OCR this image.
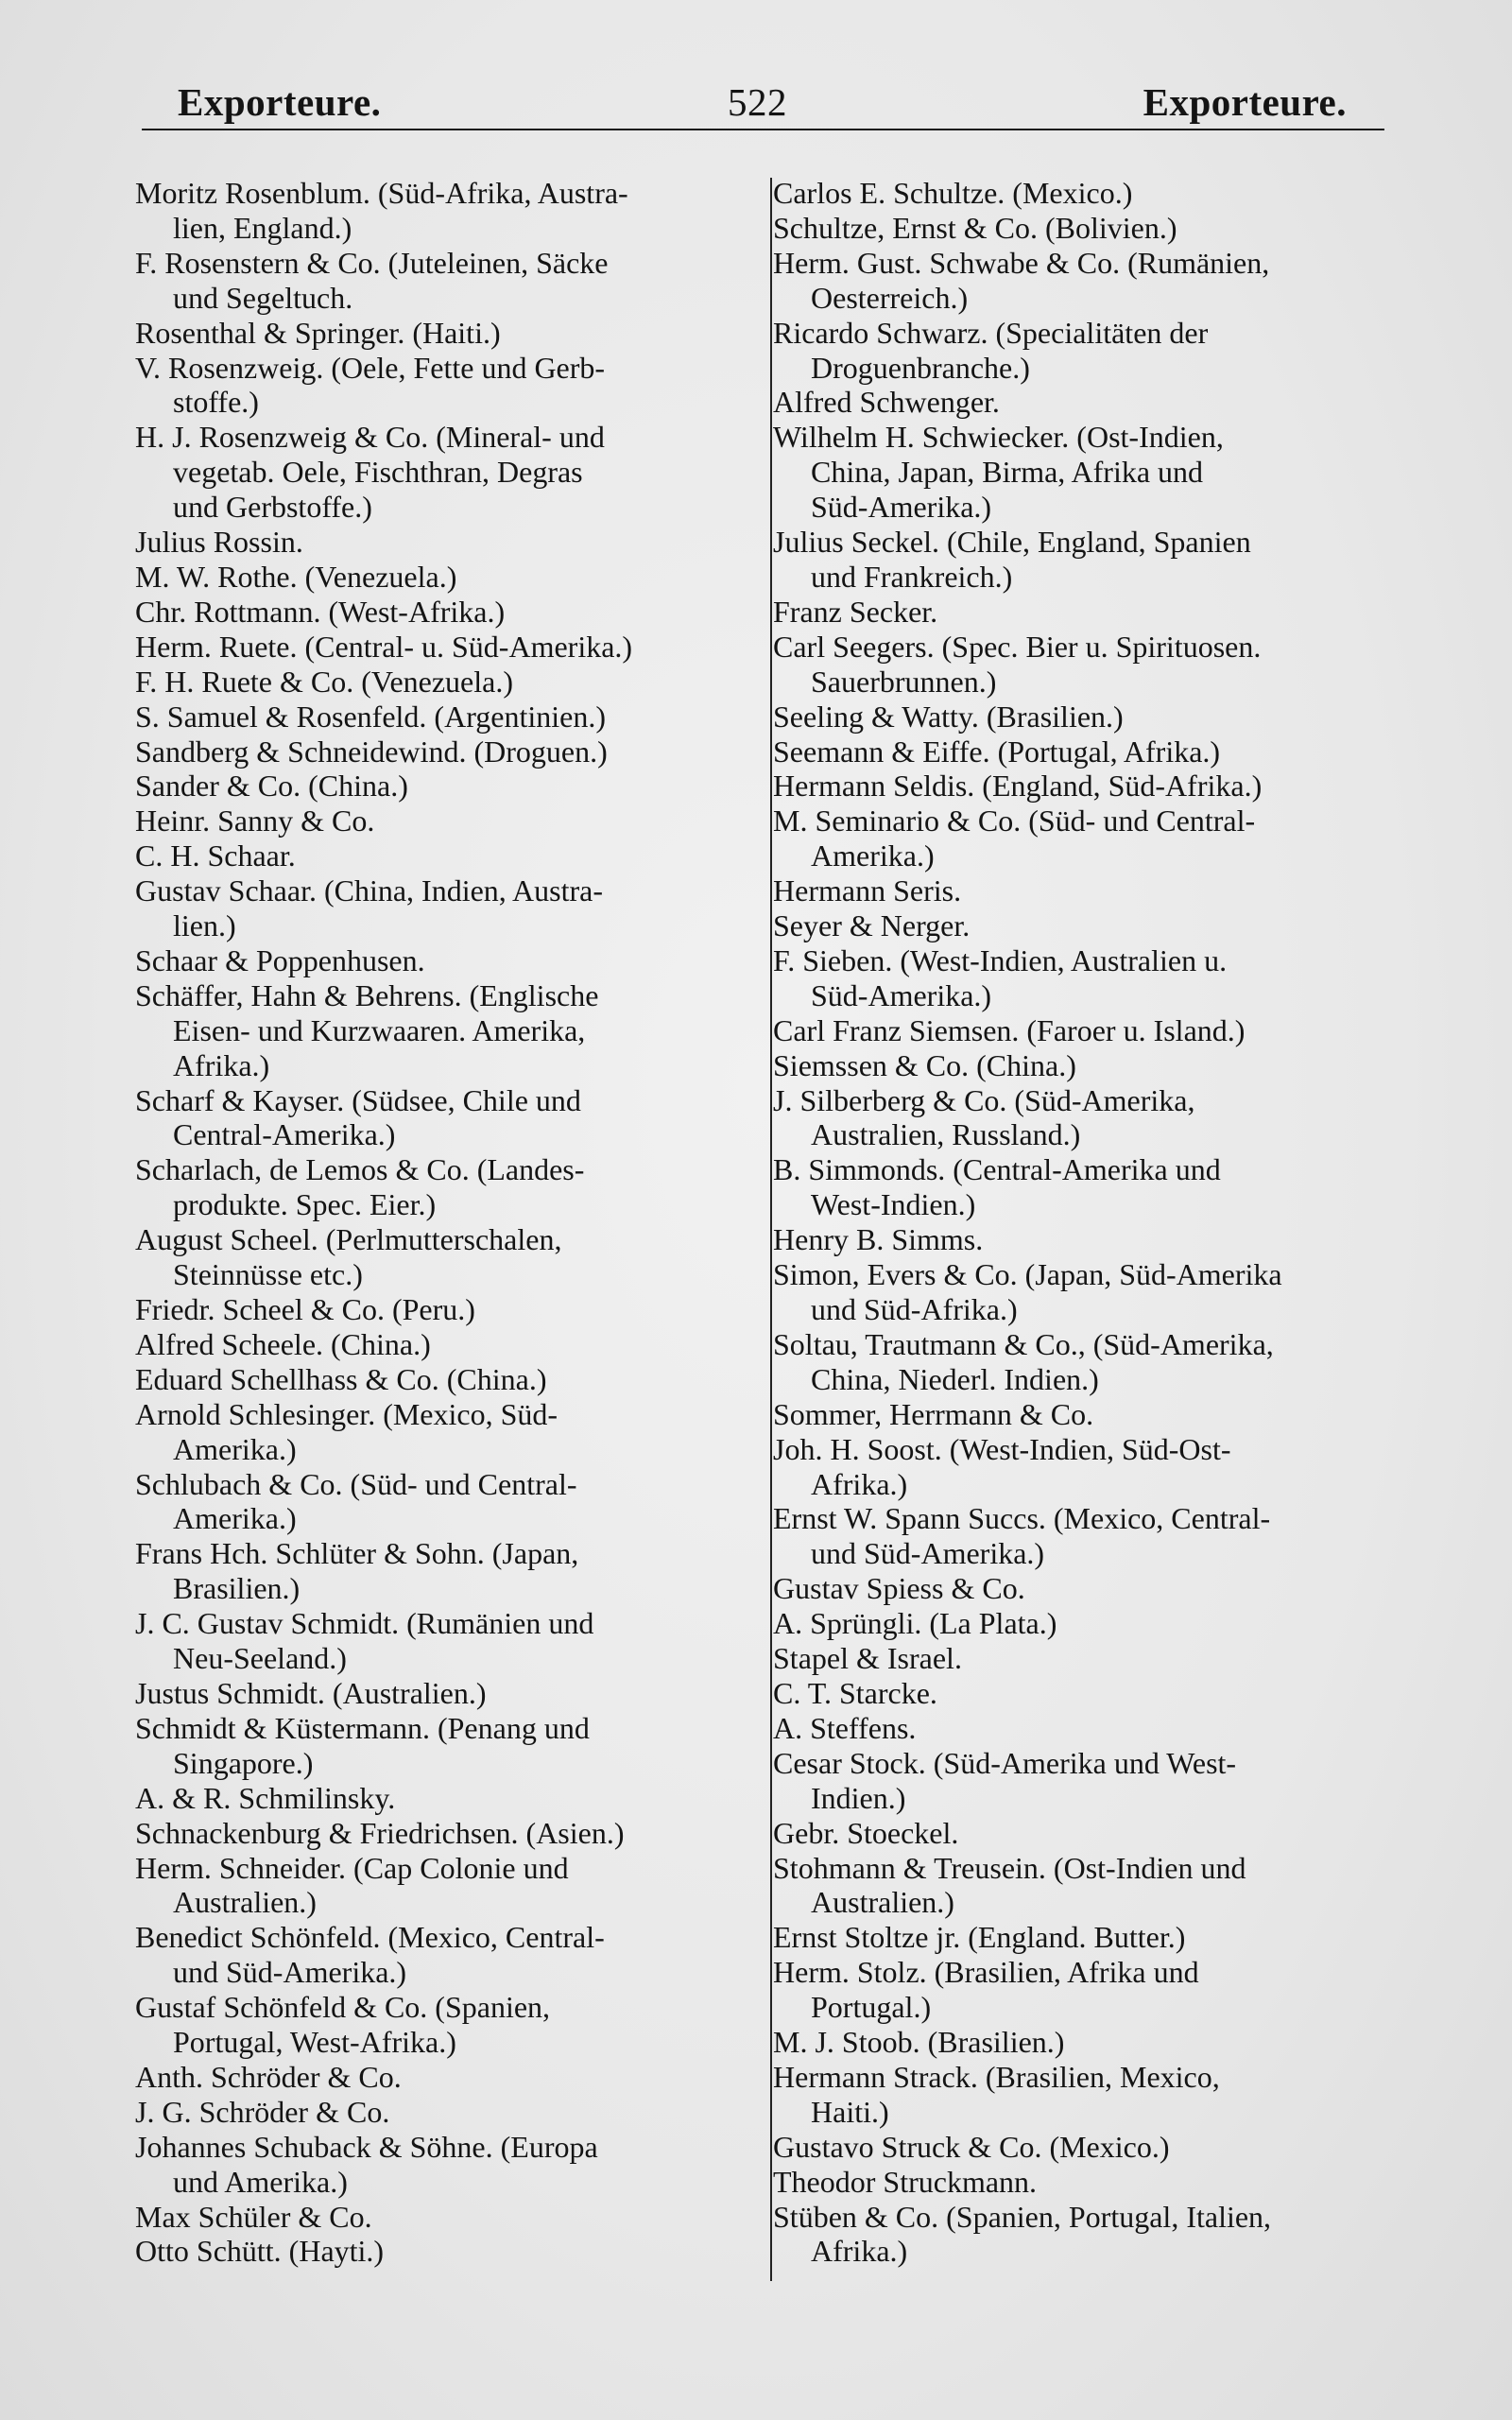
Exporteure.	522	Exporteure.
Moritz Rosenblum. (Süd-Afrika, Austra-
lien, England.)
F. Rosenstern & Co. (Juteleinen, Säcke
und Segeltuch.
Rosenthal & Springer. (Haiti.)
V. Rosenzweig. (Oele, Fette und Gerb-
stoffe.)
H. J. Rosenzweig & Co. (Mineral- und
vegetab. Oele, Fischthran, Degras
und Gerbstoffe.)
Julius Rossin.
M. W. Rothe. (Venezuela.)
Chr. Rottmann. (West-Afrika.)
Herm. Ruete. (Central- u. Süd-Amerika.)
F. H. Ruete & Co. (Venezuela.)
S. Samuel & Rosenfeld. (Argentinien.)
Sandberg & Schneidewind. (Droguen.)
Sander & Co. (China.)
Heinr. Sanny & Co.
C. H. Schaar.
Gustav Schaar. (China, Indien, Austra-
lien.)
Schaar & Poppenhusen.
Schäffer, Hahn & Behrens. (Englische
Eisen- und Kurzwaaren. Amerika,
Afrika.)
Scharf & Kayser. (Südsee, Chile und
Central-Amerika.)
Scharlach, de Lemos & Co. (Landes-
produkte. Spec. Eier.)
August Scheel. (Perlmutterschalen,
Steinnüsse etc.)
Friedr. Scheel & Co. (Peru.)
Alfred Scheele. (China.)
Eduard Schellhass & Co. (China.)
Arnold Schlesinger. (Mexico, Süd-
Amerika.)
Schlubach & Co. (Süd- und Central-
Amerika.)
Frans Hch. Schlüter & Sohn. (Japan,
Brasilien.)
J. C. Gustav Schmidt. (Rumänien und
Neu-Seeland.)
Justus Schmidt. (Australien.)
Schmidt & Küstermann. (Penang und
Singapore.)
A. & R. Schmilinsky.
Schnackenburg & Friedrichsen. (Asien.)
Herm. Schneider. (Cap Colonie und
Australien.)
Benedict Schönfeld. (Mexico, Central-
und Süd-Amerika.)
Gustaf Schönfeld & Co. (Spanien,
Portugal, West-Afrika.)
Anth. Schröder & Co.
J. G. Schröder & Co.
Johannes Schuback & Söhne. (Europa
und Amerika.)
Max Schüler & Co.
Otto Schütt. (Hayti.)
Carlos E. Schultze. (Mexico.)
Schultze, Ernst & Co. (Bolivien.)
Herm. Gust. Schwabe & Co. (Rumänien,
Oesterreich.)
Ricardo Schwarz. (Specialitäten der
Droguenbranche.)
Alfred Schwenger.
Wilhelm H. Schwiecker. (Ost-Indien,
China, Japan, Birma, Afrika und
Süd-Amerika.)
Julius Seckel. (Chile, England, Spanien
und Frankreich.)
Franz Secker.
Carl Seegers. (Spec. Bier u. Spirituosen.
Sauerbrunnen.)
Seeling & Watty. (Brasilien.)
Seemann & Eiffe. (Portugal, Afrika.)
Hermann Seldis. (England, Süd-Afrika.)
M. Seminario & Co. (Süd- und Central-
Amerika.)
Hermann Seris.
Seyer & Nerger.
F. Sieben. (West-Indien, Australien u.
Süd-Amerika.)
Carl Franz Siemsen. (Faroer u. Island.)
Siemssen & Co. (China.)
J. Silberberg & Co. (Süd-Amerika,
Australien, Russland.)
B. Simmonds. (Central-Amerika und
West-Indien.)
Henry B. Simms.
Simon, Evers & Co. (Japan, Süd-Amerika
und Süd-Afrika.)
Soltau, Trautmann & Co., (Süd-Amerika,
China, Niederl. Indien.)
Sommer, Herrmann & Co.
Joh. H. Soost. (West-Indien, Süd-Ost-
Afrika.)
Ernst W. Spann Succs. (Mexico, Central-
und Süd-Amerika.)
Gustav Spiess & Co.
A. Sprüngli. (La Plata.)
Stapel & Israel.
C. T. Starcke.
A. Steffens.
Cesar Stock. (Süd-Amerika und West-
Indien.)
Gebr. Stoeckel.
Stohmann & Treusein. (Ost-Indien und
Australien.)
Ernst Stoltze jr. (England. Butter.)
Herm. Stolz. (Brasilien, Afrika und
Portugal.)
M. J. Stoob. (Brasilien.)
Hermann Strack. (Brasilien, Mexico,
Haiti.)
Gustavo Struck & Co. (Mexico.)
Theodor Struckmann.
Stüben & Co. (Spanien, Portugal, Italien,
Afrika.)
